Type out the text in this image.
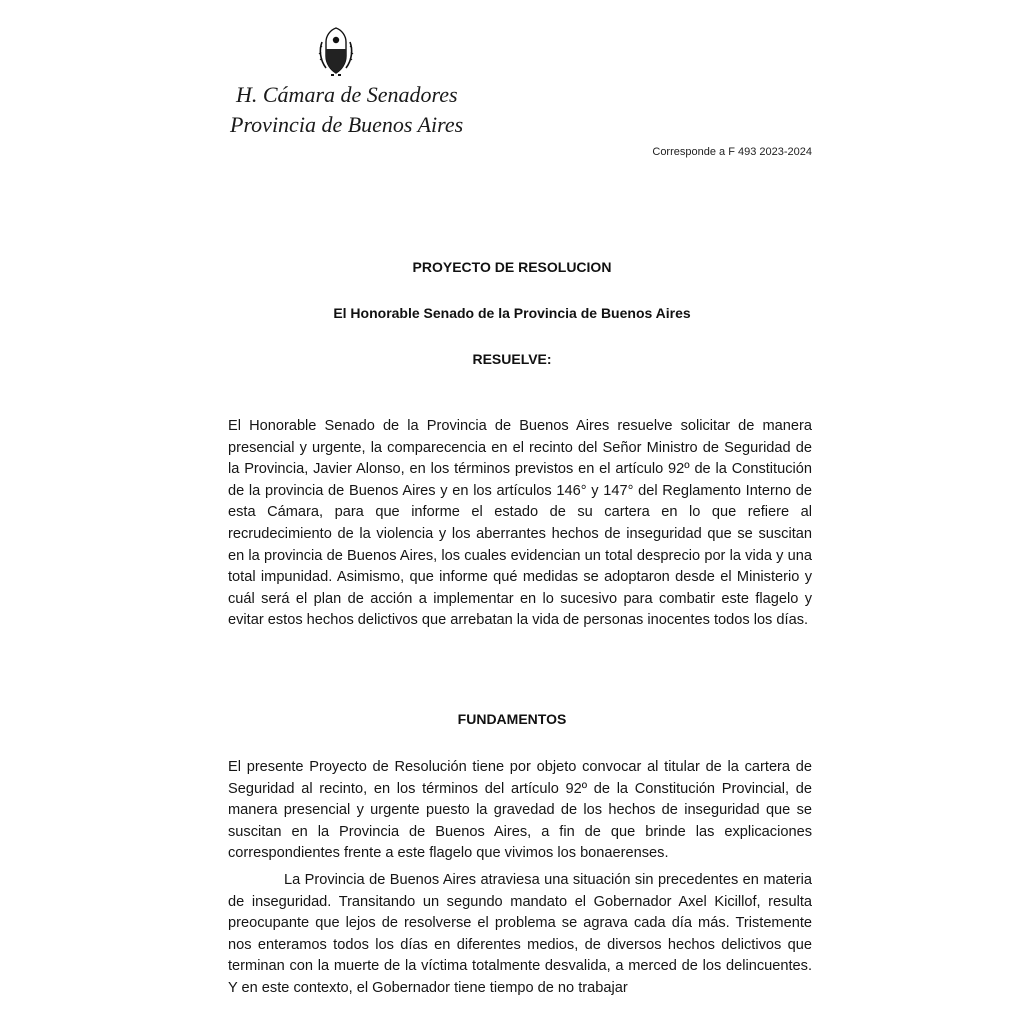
H. Cámara de Senadores
Provincia de Buenos Aires
Corresponde a F 493 2023-2024
PROYECTO DE RESOLUCION
El Honorable Senado de la Provincia de Buenos Aires
RESUELVE:
El Honorable Senado de la Provincia de Buenos Aires resuelve solicitar de manera presencial y urgente, la comparecencia en el recinto del Señor Ministro de Seguridad de la Provincia, Javier Alonso, en los términos previstos en el artículo 92º de la Constitución de la provincia de Buenos Aires y en los artículos 146° y 147° del Reglamento Interno de esta Cámara, para que informe el estado de su cartera en lo que refiere al recrudecimiento de la violencia y los aberrantes hechos de inseguridad que se suscitan en la provincia de Buenos Aires, los cuales evidencian un total desprecio por la vida y una total impunidad. Asimismo, que informe qué medidas se adoptaron desde el Ministerio y cuál será el plan de acción a implementar en lo sucesivo para combatir este flagelo y evitar estos hechos delictivos que arrebatan la vida de personas inocentes todos los días.
FUNDAMENTOS

El presente Proyecto de Resolución tiene por objeto convocar al titular de la cartera de Seguridad al recinto, en los términos del artículo 92º de la Constitución Provincial, de manera presencial y urgente puesto la gravedad de los hechos de inseguridad que se suscitan en la Provincia de Buenos Aires, a fin de que brinde las explicaciones correspondientes frente a este flagelo que vivimos los bonaerenses.

La Provincia de Buenos Aires atraviesa una situación sin precedentes en materia de inseguridad. Transitando un segundo mandato el Gobernador Axel Kicillof, resulta preocupante que lejos de resolverse el problema se agrava cada día más. Tristemente nos enteramos todos los días en diferentes medios, de diversos hechos delictivos que terminan con la muerte de la víctima totalmente desvalida, a merced de los delincuentes. Y en este contexto, el Gobernador tiene tiempo de no trabajar
